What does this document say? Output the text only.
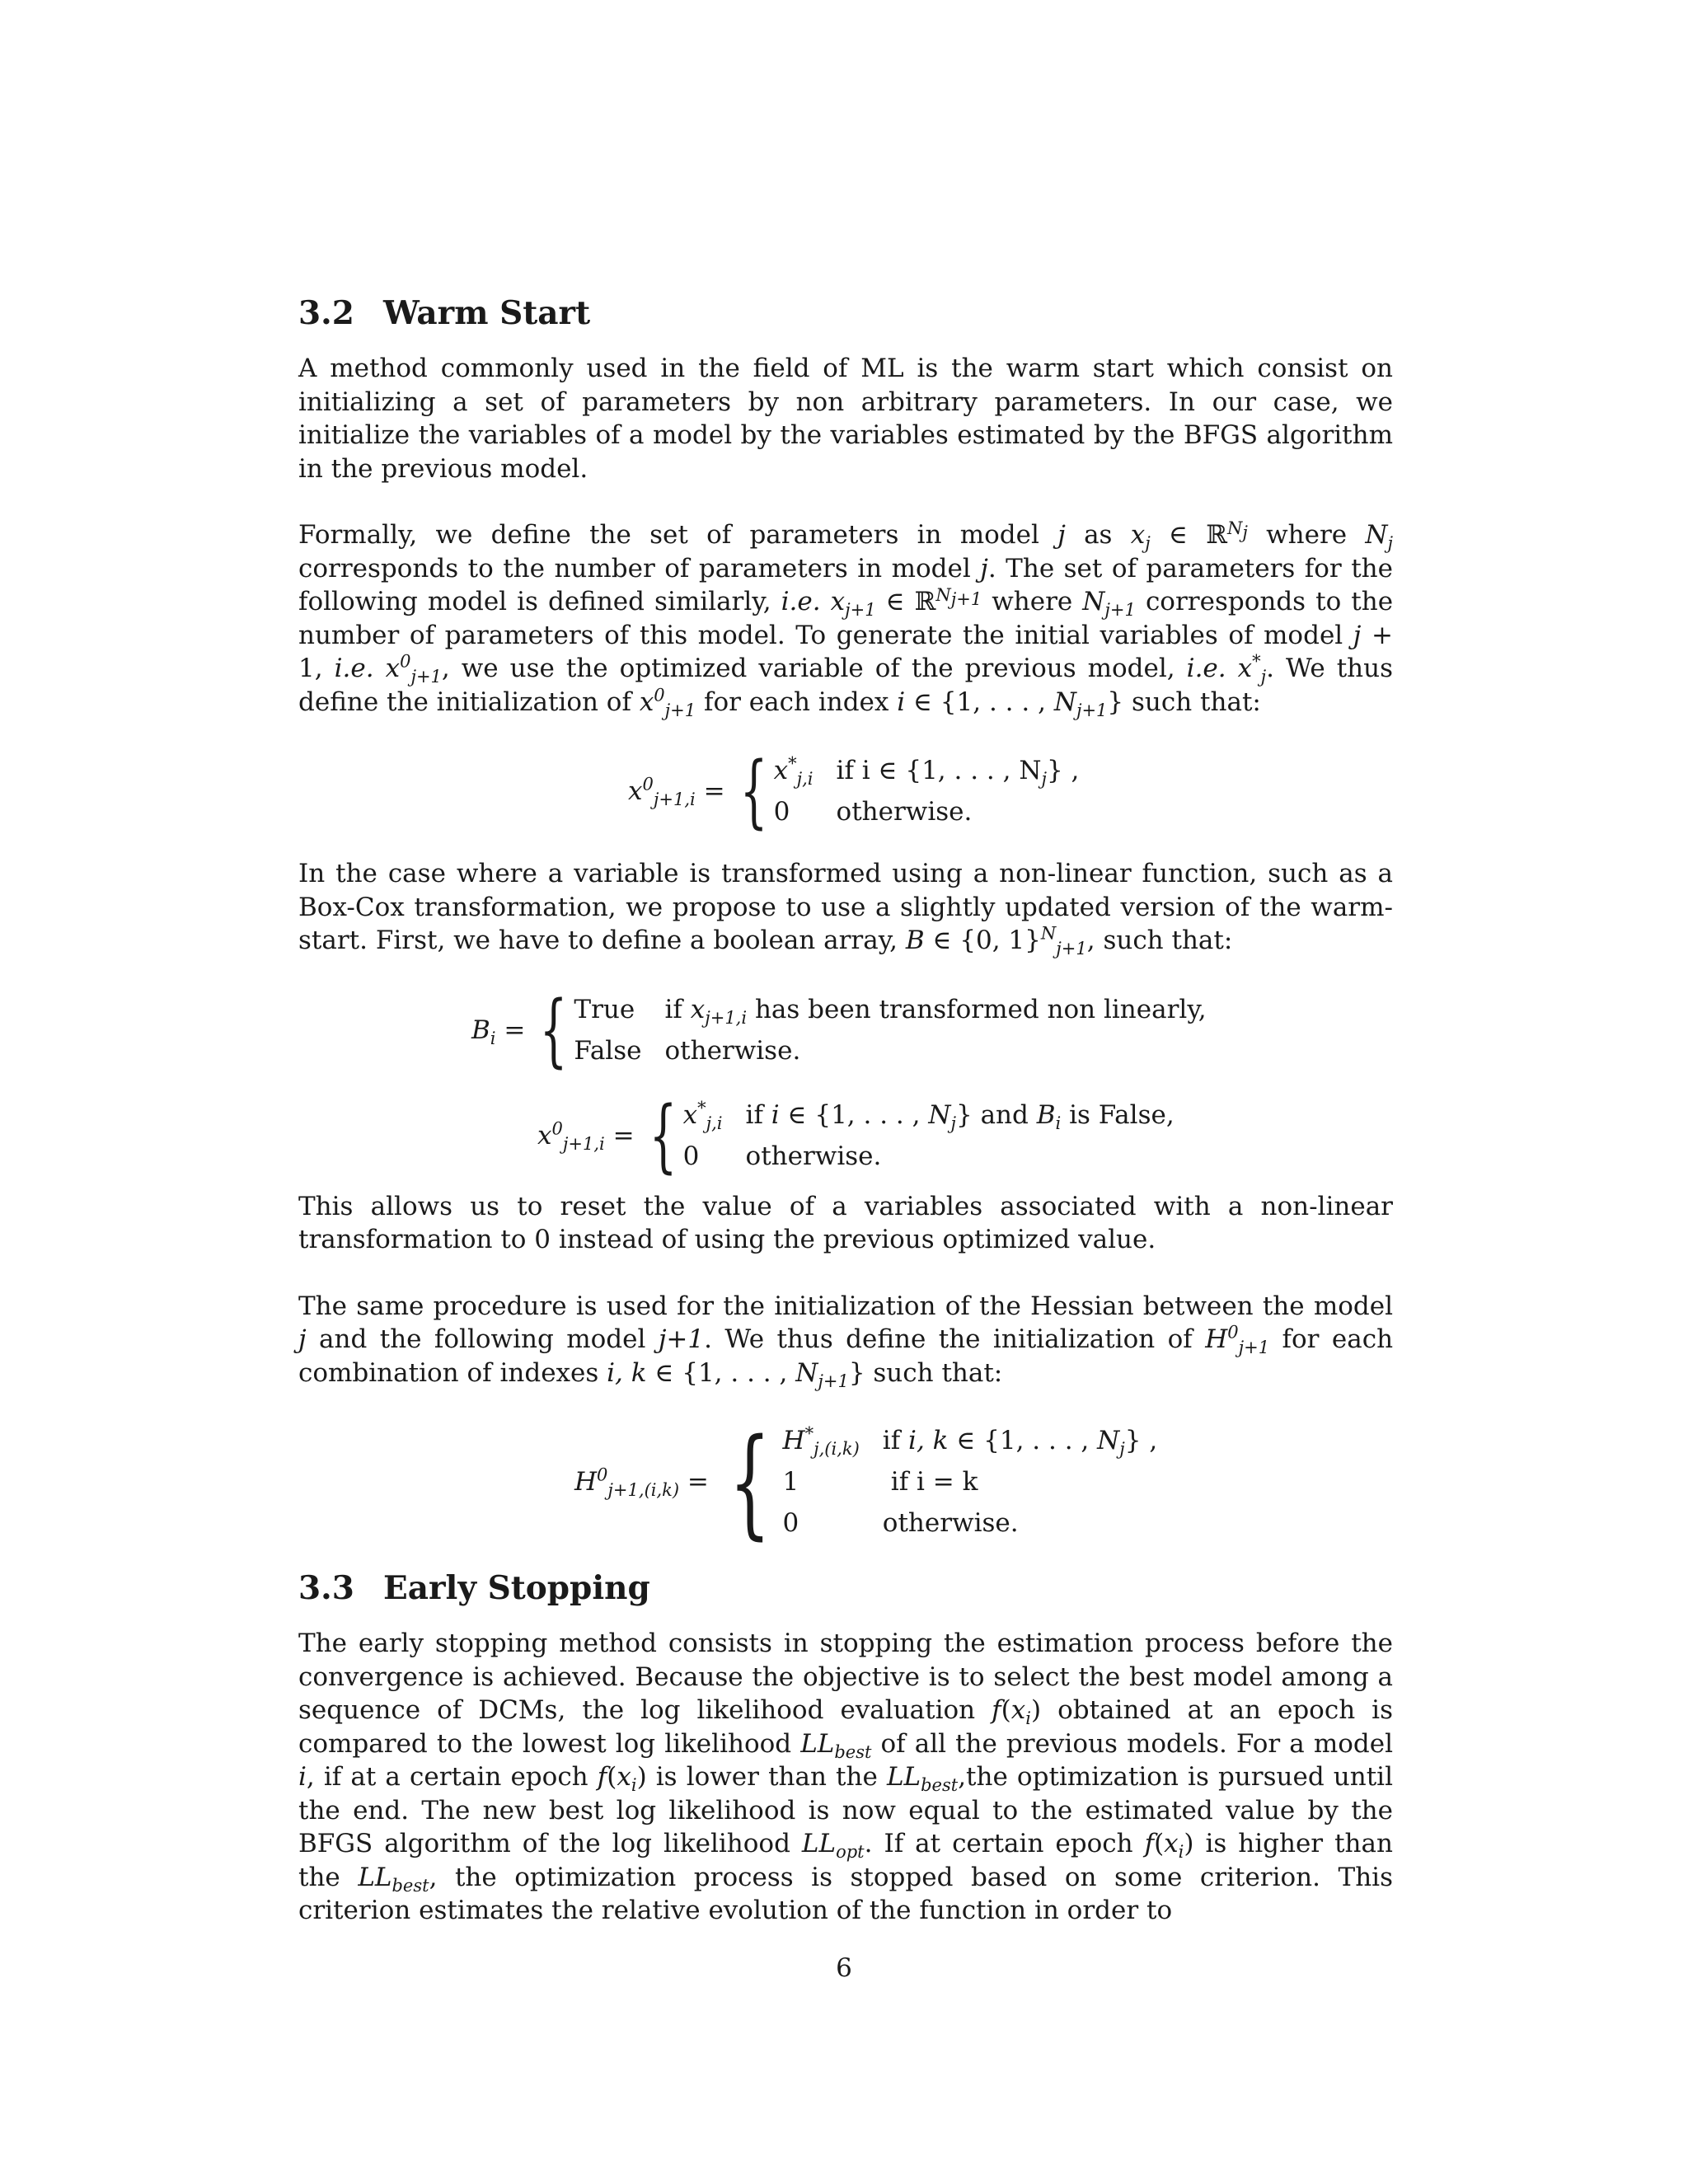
3.2 Warm Start

A method commonly used in the field of ML is the warm start which consist on initializing a set of parameters by non arbitrary parameters. In our case, we initialize the variables of a model by the variables estimated by the BFGS algorithm in the previous model.

Formally, we define the set of parameters in model j as $x_j$ ∈ ℝ$^{N_j}$ where $N_j$ corresponds to the number of parameters in model j. The set of parameters for the following model is defined similarly, i.e. $x_{j+1}$ ∈ ℝ$^{N_{j+1}}$ where $N_{j+1}$ corresponds to the number of parameters of this model. To generate the initial variables of model j + 1, i.e. $x^0_{j+1}$, we use the optimized variable of the previous model, i.e. $x^*_j$. We thus define the initialization of $x^0_{j+1}$ for each index i ∈ {1, . . . , $N_{j+1}$} such that:

$x^0_{j+1,i}$ = { $x^*_{j,i}$ if i ∈ {1, . . . , $N_j$} ,
0	otherwise.

In the case where a variable is transformed using a non-linear function, such as a Box-Cox transformation, we propose to use a slightly updated version of the warm-start. First, we have to define a boolean array, B ∈ {0, 1}$^N_{j+1}$, such that:

$B_i$ = { True if $x_{j+1,i}$ has been transformed non linearly,
False otherwise.
$x^0_{j+1,i}$ = { $x^*_{j,i}$ if i ∈ {1, . . . , $N_j$} and $B_i$ is False,
0	otherwise.

This allows us to reset the value of a variables associated with a non-linear transformation to 0 instead of using the previous optimized value.

The same procedure is used for the initialization of the Hessian between the model j and the following model j+1. We thus define the initialization of $H^0_{j+1}$ for each combination of indexes i, k ∈ {1, . . . , $N_{j+1}$} such that:

$H^0_{j+1,(i,k)}$ = { $H^*_{j,(i,k)}$ if i, k ∈ {1, . . . , $N_j$} ,
1	if i = k
0	otherwise.
3.3 Early Stopping

The early stopping method consists in stopping the estimation process before the convergence is achieved. Because the objective is to select the best model among a sequence of DCMs, the log likelihood evaluation $f(x_i)$ obtained at an epoch is compared to the lowest log likelihood $LL_{best}$ of all the previous models. For a model i, if at a certain epoch $f(x_i)$ is lower than the $LL_{best},the$ optimization is pursued until the end. The new best log likelihood is now equal to the estimated value by the BFGS algorithm of the log likelihood $LL_{opt}$. If at certain epoch $f(x_i)$ is higher than the $LL_{best}$, the optimization process is stopped based on some criterion. This criterion estimates the relative evolution of the function in order to

6
